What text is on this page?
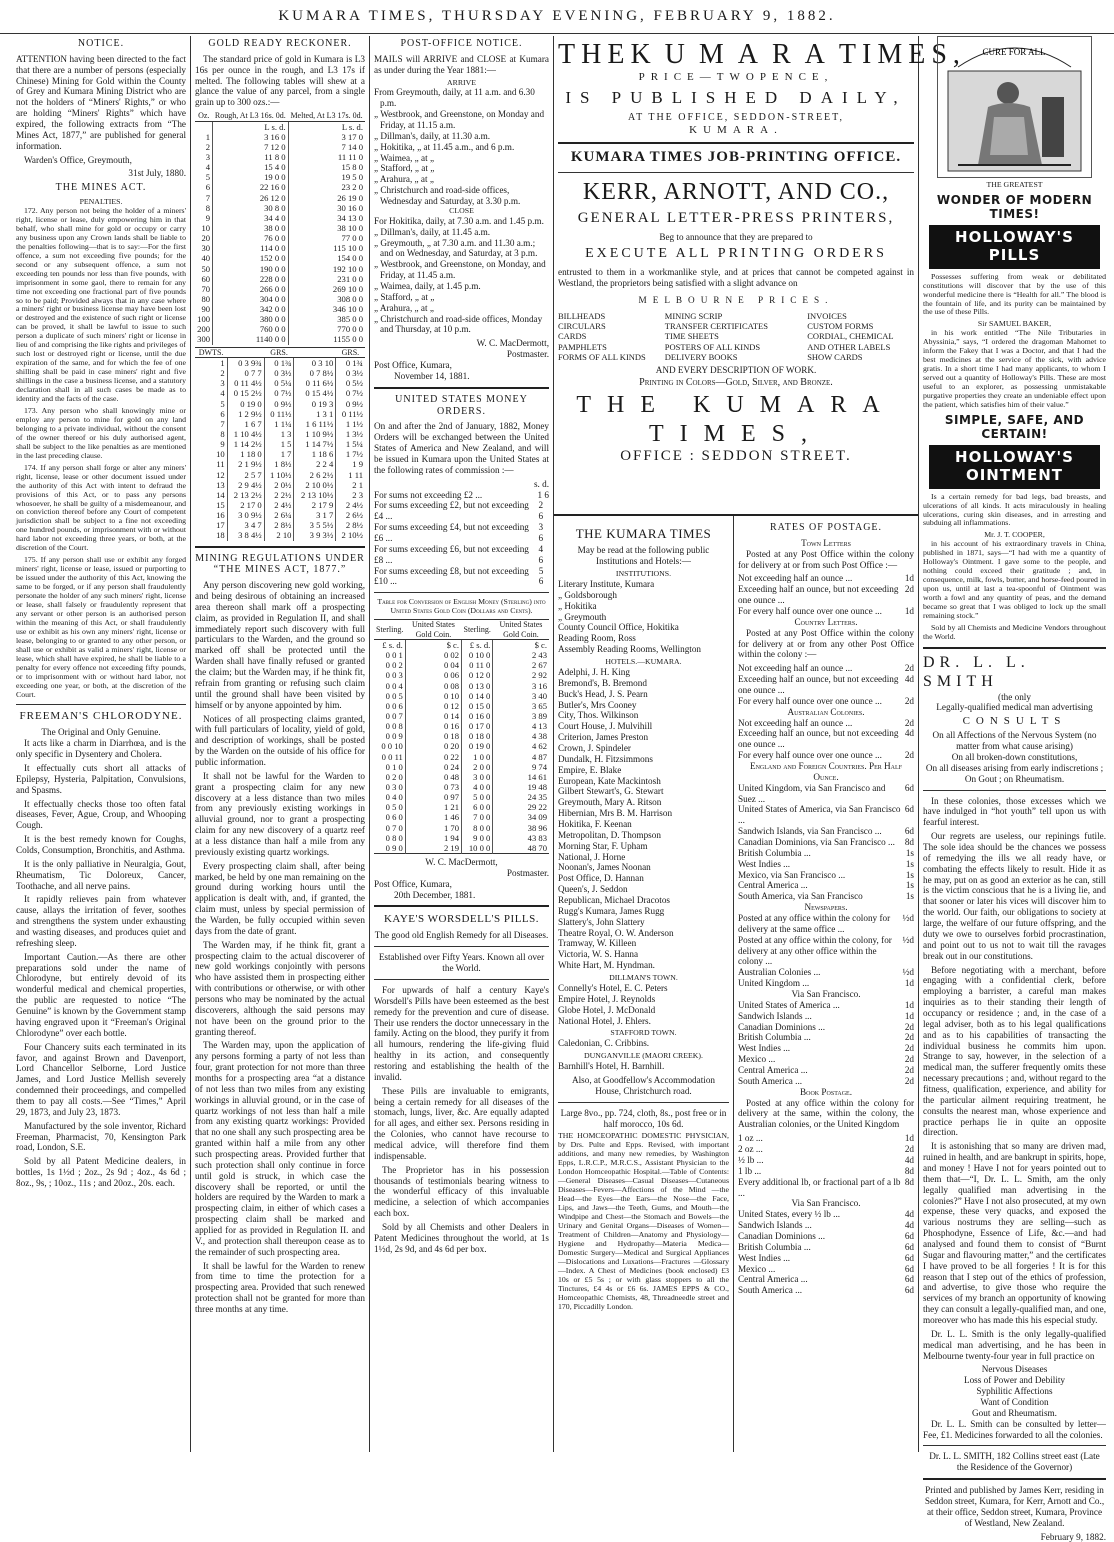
KUMARA TIMES, THURSDAY EVENING, FEBRUARY 9, 1882.
NOTICE.

ATTENTION having been directed to the fact that there are a number of persons (especially Chinese) Mining for Gold within the County of Grey and Kumara Mining District who are not the holders of “Miners' Rights,” or who are holding “Miners' Rights” which have expired, the following extracts from “The Mines Act, 1877,” are published for general information.

Warden's Office, Greymouth,

31st July, 1880.

THE MINES ACT.
PENALTIES.

172. Any person not being the holder of a miners' right, license or lease, duly empowering him in that behalf, who shall mine for gold or occupy or carry any business upon any Crown lands shall be liable to the penalties following—that is to say:—For the first offence, a sum not exceeding five pounds; for the second or any subsequent offence, a sum not exceeding ten pounds nor less than five pounds, with imprisonment in some gaol, there to remain for any time not exceeding one fractional part of five pounds so to be paid; Provided always that in any case where a miners' right or business license may have been lost or destroyed and the existence of such right or license can be proved, it shall be lawful to issue to such person a duplicate of such miners' right or license in lieu of and comprising the like rights and privileges of such lost or destroyed right or license, until the due expiration of the same, and for which the fee of one shilling shall be paid in case miners' right and five shillings in the case a business license, and a statutory declaration shall in all such cases be made as to identity and the facts of the case.

173. Any person who shall knowingly mine or employ any person to mine for gold on any land belonging to a private individual, without the consent of the owner thereof or his duly authorised agent, shall be subject to the like penalties as are mentioned in the last preceding clause.

174. If any person shall forge or alter any miners' right, license, lease or other document issued under the authority of this Act with intent to defraud the provisions of this Act, or to pass any persons whosoever, he shall be guilty of a misdemeanour, and on conviction thereof before any Court of competent jurisdiction shall be subject to a fine not exceeding one hundred pounds, or imprisonment with or without hard labor not exceeding three years, or both, at the discretion of the Court.

175. If any person shall use or exhibit any forged miners' right, license or lease, issued or purporting to be issued under the authority of this Act, knowing the same to be forged, or if any person shall fraudulently personate the holder of any such miners' right, license or lease, shall falsely or fraudulently represent that any servant or other person is an authorised person within the meaning of this Act, or shall fraudulently use or exhibit as his own any miners' right, license or lease, belonging to or granted to any other person, or shall use or exhibit as valid a miners' right, license or lease, which shall have expired, he shall be liable to a penalty for every offence not exceeding fifty pounds, or to imprisonment with or without hard labor, not exceeding one year, or both, at the discretion of the Court.

FREEMAN'S CHLORODYNE.
The Original and Only Genuine.

It acts like a charm in Diarrhœa, and is the only specific in Dysentery and Cholera.

It effectually cuts short all attacks of Epilepsy, Hysteria, Palpitation, Convulsions, and Spasms.

It effectually checks those too often fatal diseases, Fever, Ague, Croup, and Whooping Cough.

It is the best remedy known for Coughs, Colds, Consumption, Bronchitis, and Asthma.

It is the only palliative in Neuralgia, Gout, Rheumatism, Tic Doloreux, Cancer, Toothache, and all nerve pains.

It rapidly relieves pain from whatever cause, allays the irritation of fever, soothes and strengthens the system under exhausting and wasting diseases, and produces quiet and refreshing sleep.

Important Caution.—As there are other preparations sold under the name of Chlorodyne, but entirely devoid of its wonderful medical and chemical properties, the public are requested to notice “The Genuine” is known by the Government stamp having engraved upon it “Freeman's Original Chlorodyne” over each bottle.

Four Chancery suits each terminated in its favor, and against Brown and Davenport, Lord Chancellor Selborne, Lord Justice James, and Lord Justice Mellish severely condemned their proceedings, and compelled them to pay all costs.—See “Times,” April 29, 1873, and July 23, 1873.

Manufactured by the sole inventor, Richard Freeman, Pharmacist, 70, Kensington Park road, London, S.E.

Sold by all Patent Medicine dealers, in bottles, 1s 1½d ; 2oz., 2s 9d ; 4oz., 4s 6d ; 8oz., 9s, ; 10oz., 11s ; and 20oz., 20s. each.

GOLD READY RECKONER.

The standard price of gold in Kumara is L3 16s per ounce in the rough, and L3 17s if melted. The following tables will shew at a glance the value of any parcel, from a single grain up to 300 ozs.:—

Oz.	Rough, At L3 16s. 0d.	Melted, At L3 17s. 0d.
	L s. d.	L s. d.
1	3 16 0	3 17 0
2	7 12 0	7 14 0
3	11 8 0	11 11 0
4	15 4 0	15 8 0
5	19 0 0	19 5 0
6	22 16 0	23 2 0
7	26 12 0	26 19 0
8	30 8 0	30 16 0
9	34 4 0	34 13 0
10	38 0 0	38 10 0
20	76 0 0	77 0 0
30	114 0 0	115 10 0
40	152 0 0	154 0 0
50	190 0 0	192 10 0
60	228 0 0	231 0 0
70	266 0 0	269 10 0
80	304 0 0	308 0 0
90	342 0 0	346 10 0
100	380 0 0	385 0 0
200	760 0 0	770 0 0
300	1140 0 0	1155 0 0
DWTS.		GRS.		GRS.
1	0 3 9¾	0 1¾	0 3 10	0 1¾
2	0 7 7	0 3½	0 7 8½	0 3½
3	0 11 4½	0 5¼	0 11 6½	0 5½
4	0 15 2½	0 7½	0 15 4½	0 7½
5	0 19 0	0 9½	0 19 3	0 9½
6	1 2 9½	0 11½	1 3 1	0 11½
7	1 6 7	1 1¼	1 6 11½	1 1½
8	1 10 4½	1 3	1 10 9½	1 3½
9	1 14 2½	1 5	1 14 7½	1 5¼
10	1 18 0	1 7	1 18 6	1 7½
11	2 1 9½	1 8½	2 2 4	1 9
12	2 5 7	1 10½	2 6 2½	1 11
13	2 9 4½	2 0½	2 10 0½	2 1
14	2 13 2½	2 2½	2 13 10½	2 3
15	2 17 0	2 4½	2 17 9	2 4½
16	3 0 9½	2 6¼	3 1 7	2 6½
17	3 4 7	2 8½	3 5 5½	2 8½
18	3 8 4½	2 10	3 9 3½	2 10½
MINING REGULATIONS UNDER “THE MINES ACT, 1877.”

Any person discovering new gold working, and being desirous of obtaining an increased area thereon shall mark off a prospecting claim, as provided in Regulation II, and shall immediately report such discovery with full particulars to the Warden, and the ground so marked off shall be protected until the Warden shall have finally refused or granted the claim; but the Warden may, if he think fit, refrain from granting or refusing such claim until the ground shall have been visited by himself or by anyone appointed by him.

Notices of all prospecting claims granted, with full particulars of locality, yield of gold, and description of workings, shall be posted by the Warden on the outside of his office for public information.

It shall not be lawful for the Warden to grant a prospecting claim for any new discovery at a less distance than two miles from any previously existing workings in alluvial ground, nor to grant a prospecting claim for any new discovery of a quartz reef at a less distance than half a mile from any previously existing quartz workings.

Every prospecting claim shall, after being marked, be held by one man remaining on the ground during working hours until the application is dealt with, and, if granted, the claim must, unless by special permission of the Warden, be fully occupied within seven days from the date of grant.

The Warden may, if he think fit, grant a prospecting claim to the actual discoverer of new gold workings conjointly with persons who have assisted them in prospecting either with contributions or otherwise, or with other persons who may be nominated by the actual discoverers, although the said persons may not have been on the ground prior to the granting thereof.

The Warden may, upon the application of any persons forming a party of not less than four, grant protection for not more than three months for a prospecting area “at a distance of not less than two miles from any existing workings in alluvial ground, or in the case of quartz workings of not less than half a mile from any existing quartz workings: Provided that no one shall any such prospecting area be granted within half a mile from any other such prospecting areas. Provided further that such protection shall only continue in force until gold is struck, in which case the discovery shall be reported, or until the holders are required by the Warden to mark a prospecting claim, in either of which cases a prospecting claim shall be marked and applied for as provided in Regulation II. and V., and protection shall thereupon cease as to the remainder of such prospecting area.

It shall be lawful for the Warden to renew from time to time the protection for a prospecting area. Provided that such renewed protection shall not be granted for more than three months at any time.

POST-OFFICE NOTICE.

MAILS will ARRIVE and CLOSE at Kumara as under during the Year 1881:—

ARRIVE
From Greymouth, daily, at 11 a.m. and 6.30 p.m.
„ Westbrook, and Greenstone, on Monday and Friday, at 11.15 a.m.
„ Dillman's, daily, at 11.30 a.m.
„ Hokitika, „ at 11.45 a.m., and 6 p.m.
„ Waimea, „ at „
„ Stafford, „ at „
„ Arahura, „ at „
„ Christchurch and road-side offices, Wednesday and Saturday, at 3.30 p.m.
CLOSE
For Hokitika, daily, at 7.30 a.m. and 1.45 p.m.
„ Dillman's, daily, at 11.45 a.m.
„ Greymouth, „ at 7.30 a.m. and 11.30 a.m.; and on Wednesday, and Saturday, at 3 p.m.
„ Westbrook, and Greenstone, on Monday, and Friday, at 11.45 a.m.
„ Waimea, daily, at 1.45 p.m.
„ Stafford, „ at „
„ Arahura, „ at „
„ Christchurch and road-side offices, Monday and Thursday, at 10 p.m.
W. C. MacDermott,
Postmaster.
Post Office, Kumara,
November 14, 1881.
UNITED STATES MONEY ORDERS.

On and after the 2nd of January, 1882, Money Orders will be exchanged between the United States of America and New Zealand, and will be issued in Kumara upon the United States at the following rates of commission :—

s. d.
For sums not exceeding £2 ...	1 6
For sums exceeding £2, but not exceeding £4 ...
2 6
For sums exceeding £4, but not exceeding £6 ...
3 6
For sums exceeding £6, but not exceeding £8 ...
4 6
For sums exceeding £8, but not exceeding £10 ...
5 6

Table for Conversion of English Money (Sterling) into United States Gold Coin (Dollars and Cents).

Sterling.	United States Gold Coin.	Sterling.	United States Gold Coin.
£ s. d.	$ c.	£ s. d.	$ c.
0 0 1	0 02	0 10 0	2 43
0 0 2	0 04	0 11 0	2 67
0 0 3	0 06	0 12 0	2 92
0 0 4	0 08	0 13 0	3 16
0 0 5	0 10	0 14 0	3 40
0 0 6	0 12	0 15 0	3 65
0 0 7	0 14	0 16 0	3 89
0 0 8	0 16	0 17 0	4 13
0 0 9	0 18	0 18 0	4 38
0 0 10	0 20	0 19 0	4 62
0 0 11	0 22	1 0 0	4 87
0 1 0	0 24	2 0 0	9 74
0 2 0	0 48	3 0 0	14 61
0 3 0	0 73	4 0 0	19 48
0 4 0	0 97	5 0 0	24 35
0 5 0	1 21	6 0 0	29 22
0 6 0	1 46	7 0 0	34 09
0 7 0	1 70	8 0 0	38 96
0 8 0	1 94	9 0 0	43 83
0 9 0	2 19	10 0 0	48 70
W. C. MacDermott,
Postmaster.
Post Office, Kumara,
20th December, 1881.
KAYE'S WORSDELL'S PILLS.
The good old English Remedy for all Diseases.
Established over Fifty Years. Known all over the World.

For upwards of half a century Kaye's Worsdell's Pills have been esteemed as the best remedy for the prevention and cure of disease. Their use renders the doctor unnecessary in the family. Acting on the blood, they purify it from all humours, rendering the life-giving fluid healthy in its action, and consequently restoring and establishing the health of the invalid.

These Pills are invaluable to emigrants, being a certain remedy for all diseases of the stomach, lungs, liver, &c. Are equally adapted for all ages, and either sex. Persons residing in the Colonies, who cannot have recourse to medical advice, will therefore find them indispensable.

The Proprietor has in his possession thousands of testimonials bearing witness to the wonderful efficacy of this invaluable medicine, a selection of which accompanies each box.

Sold by all Chemists and other Dealers in Patent Medicines throughout the world, at 1s 1½d, 2s 9d, and 4s 6d per box.

THE KUMARA TIMES,
PRICE—TWOPENCE,
IS PUBLISHED DAILY,
AT THE OFFICE, SEDDON-STREET,
KUMARA.
KUMARA TIMES JOB-PRINTING OFFICE.
KERR, ARNOTT, AND CO.,
GENERAL LETTER-PRESS PRINTERS,
Beg to announce that they are prepared to
EXECUTE ALL PRINTING ORDERS

entrusted to them in a workmanlike style, and at prices that cannot be competed against in Westland, the proprietors being satisfied with a slight advance on

MELBOURNE PRICES.
BILLHEADS	MINING SCRIP	INVOICES
CIRCULARS	TRANSFER CERTIFICATES	CUSTOM FORMS
CARDS	TIME SHEETS	CORDIAL, CHEMICAL
PAMPHLETS	POSTERS OF ALL KINDS	AND OTHER LABELS
FORMS OF ALL KINDS	DELIVERY BOOKS	SHOW CARDS
AND EVERY DESCRIPTION OF WORK.
Printing in Colors—Gold, Silver, and Bronze.
THE KUMARA TIMES,
OFFICE : SEDDON STREET.
THE KUMARA TIMES

May be read at the following public Institutions and Hotels:—

INSTITUTIONS.
Literary Institute, Kumara
„ Goldsborough
„ Hokitika
„ Greymouth
County Council Office, Hokitika
Reading Room, Ross
Assembly Reading Rooms, Wellington
HOTELS.—KUMARA.
Adelphi, J. H. King
Bremond's, B. Bremond
Buck's Head, J. S. Pearn
Butler's, Mrs Cooney
City, Thos. Wilkinson
Court House, J. Mulvihill
Criterion, James Preston
Crown, J. Spindeler
Dundalk, H. Fitzsimmons
Empire, E. Blake
European, Kate Mackintosh
Gilbert Stewart's, G. Stewart
Greymouth, Mary A. Ritson
Hibernian, Mrs B. M. Harrison
Hokitika, F. Keenan
Metropolitan, D. Thompson
Morning Star, F. Upham
National, J. Horne
Noonan's, James Noonan
Post Office, D. Hannan
Queen's, J. Seddon
Republican, Michael Dracotos
Rugg's Kumara, James Rugg
Slattery's, John Slattery
Theatre Royal, O. W. Anderson
Tramway, W. Killeen
Victoria, W. S. Hanna
White Hart, M. Hyndman.
DILLMAN'S TOWN.
Connelly's Hotel, E. C. Peters
Empire Hotel, J. Reynolds
Globe Hotel, J. McDonald
National Hotel, J. Ehlers.
STAFFORD TOWN.
Caledonian, C. Cribbins.
DUNGANVILLE (MAORI CREEK).
Barnhill's Hotel, H. Barnhill.

Also, at Goodfellow's Accommodation House, Christchurch road.

Large 8vo., pp. 724, cloth, 8s., post free or in half morocco, 10s 6d.

THE HOMCEOPATHIC DOMESTIC PHYSICIAN, by Drs. Pulte and Epps. Revised, with important additions, and many new remedies, by Washington Epps, L.R.C.P., M.R.C.S., Assistant Physician to the London Homceopathic Hospital.—Table of Contents:—General Diseases—Casual Diseases—Cutaneous Diseases—Fevers—Affections of the Mind —the Head—the Eyes—the Ears—the Nose—the Face, Lips, and Jaws—the Teeth, Gums, and Mouth—the Windpipe and Chest—the Stomach and Bowels—the Urinary and Genital Organs—Diseases of Women—Treatment of Children—Anatomy and Physiology—Hygiene and Hydropathy—Materia Medica—Domestic Surgery—Medical and Surgical Appliances —Dislocations and Luxations—Fractures —Glossary—Index. A Chest of Medicines (book enclosed) £3 10s or £5 5s ; or with glass stoppers to all the Tinctures, £4 4s or £6 6s. JAMES EPPS & CO., Homceopathic Chemists, 48, Threadneedle street and 170, Piccadilly London.

RATES OF POSTAGE.
Town Letters

Posted at any Post Office within the colony for delivery at or from such Post Office :—

Not exceeding half an ounce ...	1d
Exceeding half an ounce, but not exceeding one ounce ...
2d
For every half ounce over one ounce ...	1d
Country Letters.

Posted at any Post Office within the colony for delivery at or from any other Post Office within the colony :—

Not exceeding half an ounce ...	2d
Exceeding half an ounce, but not exceeding one ounce ...
4d
For every half ounce over one ounce ...	2d
Australian Colonies.
Not exceeding half an ounce ...	2d
Exceeding half an ounce, but not exceeding one ounce ...
4d
For every half ounce over one ounce ...	2d
England and Foreign Countries. Per Half Ounce.
United Kingdom, via San Francisco and Suez ...
6d
United States of America, via San Francisco ...
6d
Sandwich Islands, via San Francisco ...	6d
Canadian Dominions, via San Francisco ...	8d
British Columbia ...	1s
West Indies ...	1s
Mexico, via San Francisco ...	1s
Central America ...	1s
South America, via San Francisco	1s
Newspapers.
Posted at any office within the colony for delivery at the same office ...
½d
Posted at any office within the colony, for delivery at any other office within the colony ...
½d
Australian Colonies ...	½d
United Kingdom ...	1d
Via San Francisco.
United States of America ...	1d
Sandwich Islands ...	1d
Canadian Dominions ...	2d
British Columbia ...	2d
West Indies ...	2d
Mexico ...	2d
Central America ...	2d
South America ...	2d
Book Postage.

Posted at any office within the colony for delivery at the same, within the colony, the Australian colonies, or the United Kingdom

1 oz ...	1d
2 oz ...	2d
½ lb ...	4d
1 lb ...	8d
Every additional lb, or fractional part of a lb ...
8d
Via San Francisco.
United States, every ½ lb ...	4d
Sandwich Islands ...	4d
Canadian Dominions ...	6d
British Columbia ...	6d
West Indies ...	6d
Mexico ...	6d
Central America ...	6d
South America ...	6d
CURE FOR ALL
THE GREATEST
WONDER OF MODERN TIMES!
HOLLOWAY'S PILLS

Possesses suffering from weak or debilitated constitutions will discover that by the use of this wonderful medicine there is “Health for all.” The blood is the fountain of life, and its purity can be maintained by the use of these Pills.

Sir SAMUEL BAKER,

in his work entitled “The Nile Tributaries in Abyssinia,” says, “I ordered the dragoman Mahomet to inform the Fakey that I was a Doctor, and that I had the best medicines at the service of the sick, with advice gratis. In a short time I had many applicants, to whom I served out a quantity of Holloway's Pills. These are most useful to an explorer, as possessing unmistakable purgative properties they create an undeniable effect upon the patient, which satisfies him of their value.”

SIMPLE, SAFE, AND CERTAIN!
HOLLOWAY'S OINTMENT

Is a certain remedy for bad legs, bad breasts, and ulcerations of all kinds. It acts miraculously in healing ulcerations, curing skin diseases, and in arresting and subduing all inflammations.

Mr. J. T. COOPER,

in his account of his extraordinary travels in China, published in 1871, says—“I had with me a quantity of Holloway's Ointment. I gave some to the people, and nothing could exceed their gratitude ; and, in consequence, milk, fowls, butter, and horse-feed poured in upon us, until at last a tea-spoonful of Ointment was worth a fowl and any quantity of peas, and the demand became so great that I was obliged to lock up the small remaining stock.”

Sold by all Chemists and Medicine Vendors throughout the World.

DR. L. L. SMITH
(the only
Legally-qualified medical man advertising
CONSULTS
On all Affections of the Nervous System (no matter from what cause arising)
On all broken-down constitutions,
On all diseases arising from early indiscretions ;
On Gout ; on Rheumatism.

In these colonies, those excesses which we have indulged in “hot youth” tell upon us with fearful interest.

Our regrets are useless, our repinings futile. The sole idea should be the chances we possess of remedying the ills we all ready have, or combating the effects likely to result. Hide it as he may, put on as good an exterior as he can, still is the victim conscious that he is a living lie, and that sooner or later his vices will discover him to the world. Our faith, our obligations to society at large, the welfare of our future offspring, and the duty we owe to ourselves forbid procrastination, and point out to us not to wait till the ravages break out in our constitutions.

Before negotiating with a merchant, before engaging with a confidential clerk, before employing a barrister, a careful man makes inquiries as to their standing their length of occupancy or residence ; and, in the case of a legal adviser, both as to his legal qualifications and as to his capabilities of transacting the individual business he commits him upon. Strange to say, however, in the selection of a medical man, the sufferer frequently omits these necessary precautions ; and, without regard to the fitness, qualification, experience, and ability for the particular ailment requiring treatment, he consults the nearest man, whose experience and practice perhaps lie in quite an opposite direction.

It is astonishing that so many are driven mad, ruined in health, and are bankrupt in spirits, hope, and money ! Have I not for years pointed out to them that—“I, Dr. L. L. Smith, am the only legally qualified man advertising in the colonies?” Have I not also prosecuted, at my own expense, these very quacks, and exposed the various nostrums they are selling—such as Phosphodyne, Essence of Life, &c.—and had analysed and found them to consist of “Burnt Sugar and flavouring matter,” and the certificates I have proved to be all forgeries ! It is for this reason that I step out of the ethics of profession, and advertise, to give those who require the services of my branch an opportunity of knowing they can consult a legally-qualified man, and one, moreover who has made this his especial study.

Dr. L. L. Smith is the only legally-qualified medical man advertising, and he has been in Melbourne twenty-four year in full practice on

Nervous Diseases
Loss of Power and Debility
Syphilitic Affections
Want of Condition
Gout and Rheumatism.

Dr. L. L. Smith can be consulted by letter—Fee, £1. Medicines forwarded to all the colonies.

Dr. L. L. SMITH, 182 Collins street east (Late the Residence of the Governor)

Printed and published by James Kerr, residing in Seddon street, Kumara, for Kerr, Arnott and Co., at their office, Seddon street, Kumara, Province of Westland, New Zealand.

February 9, 1882.
